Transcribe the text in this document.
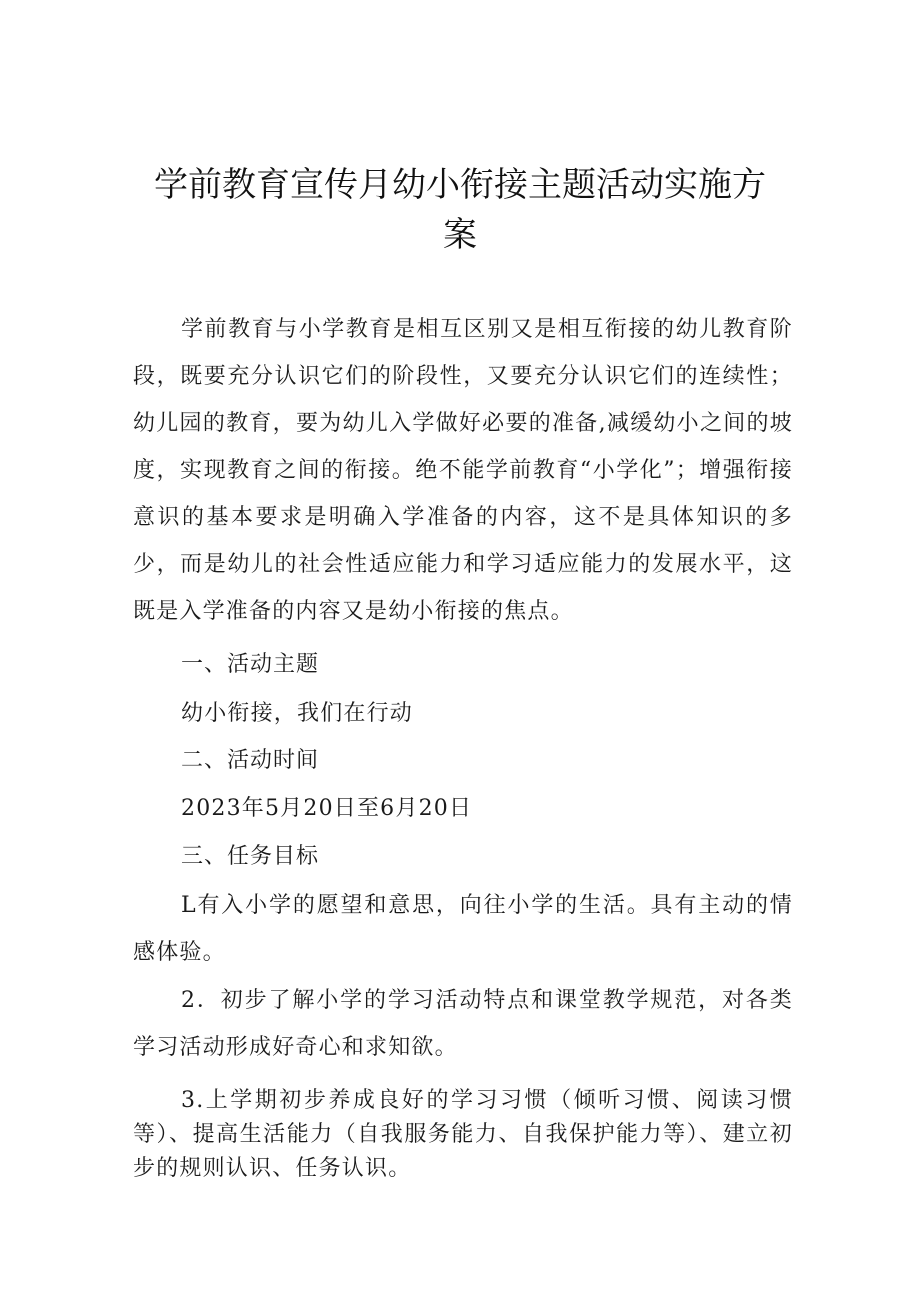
学前教育宣传月幼小衔接主题活动实施方
案

学前教育与小学教育是相互区别又是相互衔接的幼儿教育阶段，既要充分认识它们的阶段性，又要充分认识它们的连续性；幼儿园的教育，要为幼儿入学做好必要的准备,减缓幼小之间的坡度，实现教育之间的衔接。绝不能学前教育“小学化”；增强衔接意识的基本要求是明确入学准备的内容，这不是具体知识的多少，而是幼儿的社会性适应能力和学习适应能力的发展水平，这既是入学准备的内容又是幼小衔接的焦点。

一、活动主题

幼小衔接，我们在行动

二、活动时间

2023年5月20日至6月20日

三、任务目标

L有入小学的愿望和意思，向往小学的生活。具有主动的情感体验。

2．初步了解小学的学习活动特点和课堂教学规范，对各类学习活动形成好奇心和求知欲。

3.上学期初步养成良好的学习习惯（倾听习惯、阅读习惯等）、提高生活能力（自我服务能力、自我保护能力等）、建立初步的规则认识、任务认识。
